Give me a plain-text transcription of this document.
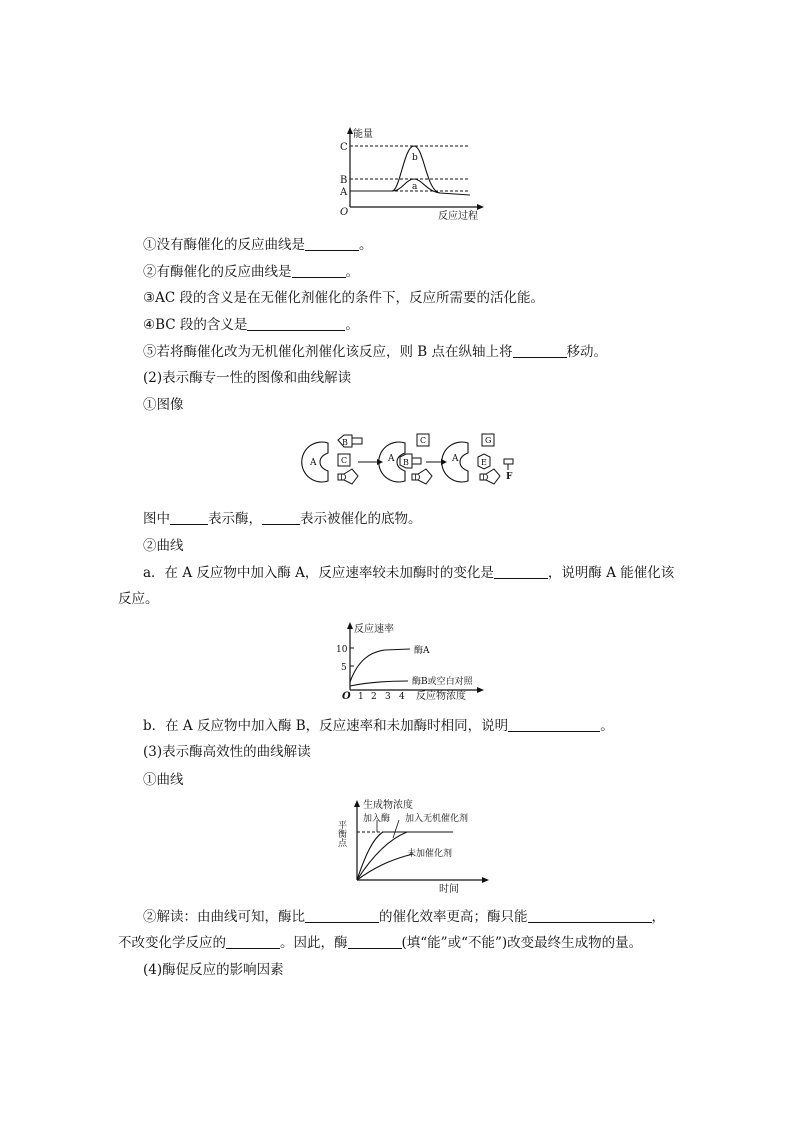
能量
C
B
A
O
b
a
反应过程
①没有酶催化的反应曲线是	。
②有酶催化的反应曲线是	。
③AC 段的含义是在无催化剂催化的条件下，反应所需要的活化能。
④BC 段的含义是	。
⑤若将酶催化改为无机催化剂催化该反应，则 B 点在纵轴上将	移动。
(2)表示酶专一性的图像和曲线解读
①图像
A
B
C
D
A B
C
D
A
G
E
F
D
图中	表示酶，	表示被催化的底物。
②曲线
a．在 A 反应物中加入酶 A，反应速率较未加酶时的变化是	，说明酶 A 能催化该
反应。
反应速率
10
5
O 1 2 3 4 反应物浓度
酶A
酶B或空白对照
b．在 A 反应物中加入酶 B，反应速率和未加酶时相同，说明	。
(3)表示酶高效性的曲线解读
①曲线
生成物浓度
加入酶 加入无机催化剂
未加催化剂
平衡点
时间
②解读：由曲线可知，酶比	的催化效率更高；酶只能	，
不改变化学反应的	。因此，酶	(填“能”或“不能”)改变最终生成物的量。
(4)酶促反应的影响因素
